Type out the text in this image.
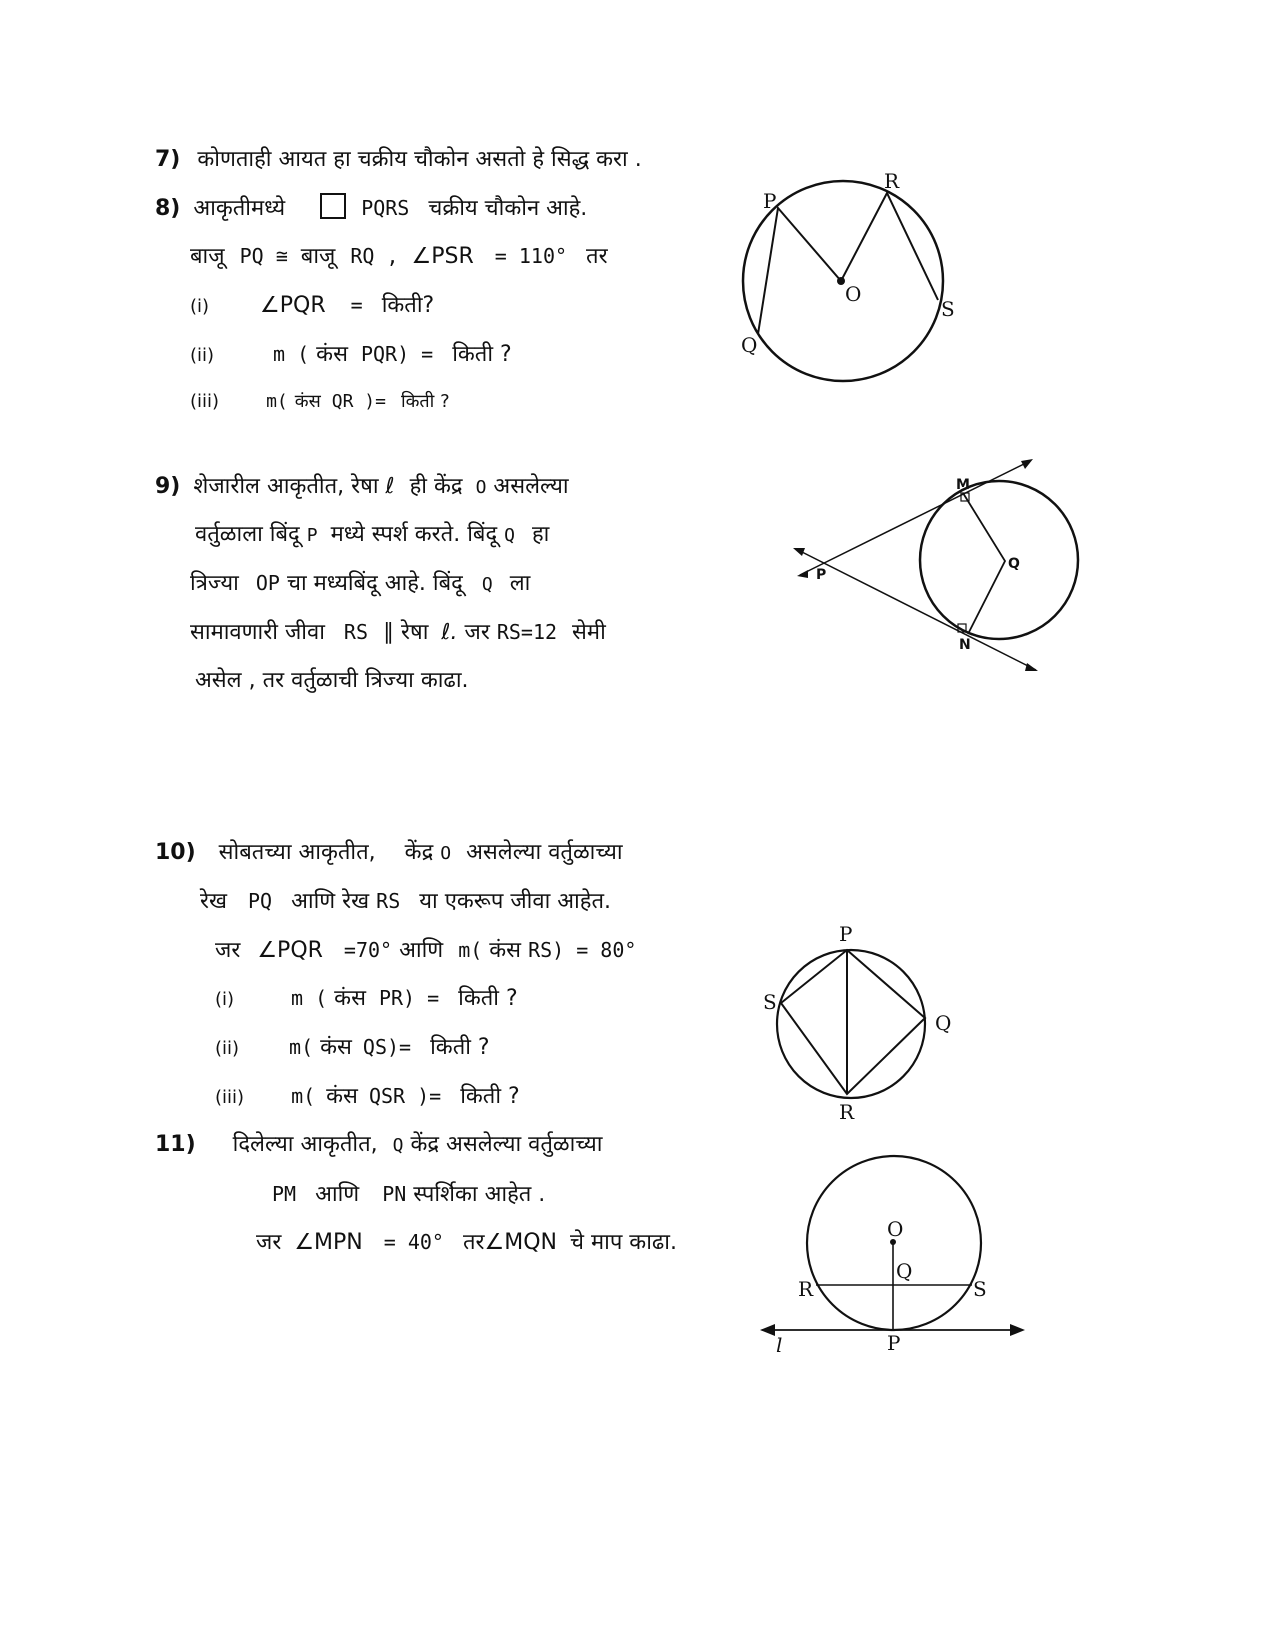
7) कोणताही आयत हा चक्रीय चौकोन असतो हे सिद्ध करा .
8) आकृतीमध्ये	PQRS चक्रीय चौकोन आहे.
बाजू PQ ≅ बाजू RQ , ∠PSR = 110° तर
(i) ∠PQR = किती?
(ii)	m ( कंस PQR) = किती ?
(iii)	m( कंस QR )= किती ?
P
R
O
S
Q
9) शेजारील आकृतीत, रेषा ℓ ही केंद्र O असलेल्या
वर्तुळाला बिंदू P मध्ये स्पर्श करते. बिंदू Q हा
त्रिज्या OP चा मध्यबिंदू आहे. बिंदू Q ला
सामावणारी जीवा RS ∥ रेषा ℓ. जर RS=12 सेमी
असेल , तर वर्तुळाची त्रिज्या काढा.
M
Q
P
N
10) सोबतच्या आकृतीत, केंद्र O असलेल्या वर्तुळाच्या
रेख PQ आणि रेख RS या एकरूप जीवा आहेत.
जर ∠PQR =70° आणि m( कंस RS) = 80°
(i)	m ( कंस PR) = किती ?
(ii)	m( कंस QS)= किती ?
(iii) m( कंस QSR )= किती ?
P
S
Q
R
11) दिलेल्या आकृतीत, Q केंद्र असलेल्या वर्तुळाच्या
PM आणि PN स्पर्शिका आहेत .
जर ∠MPN = 40° तर∠MQN चे माप काढा.
O
Q
R	S
P
l
